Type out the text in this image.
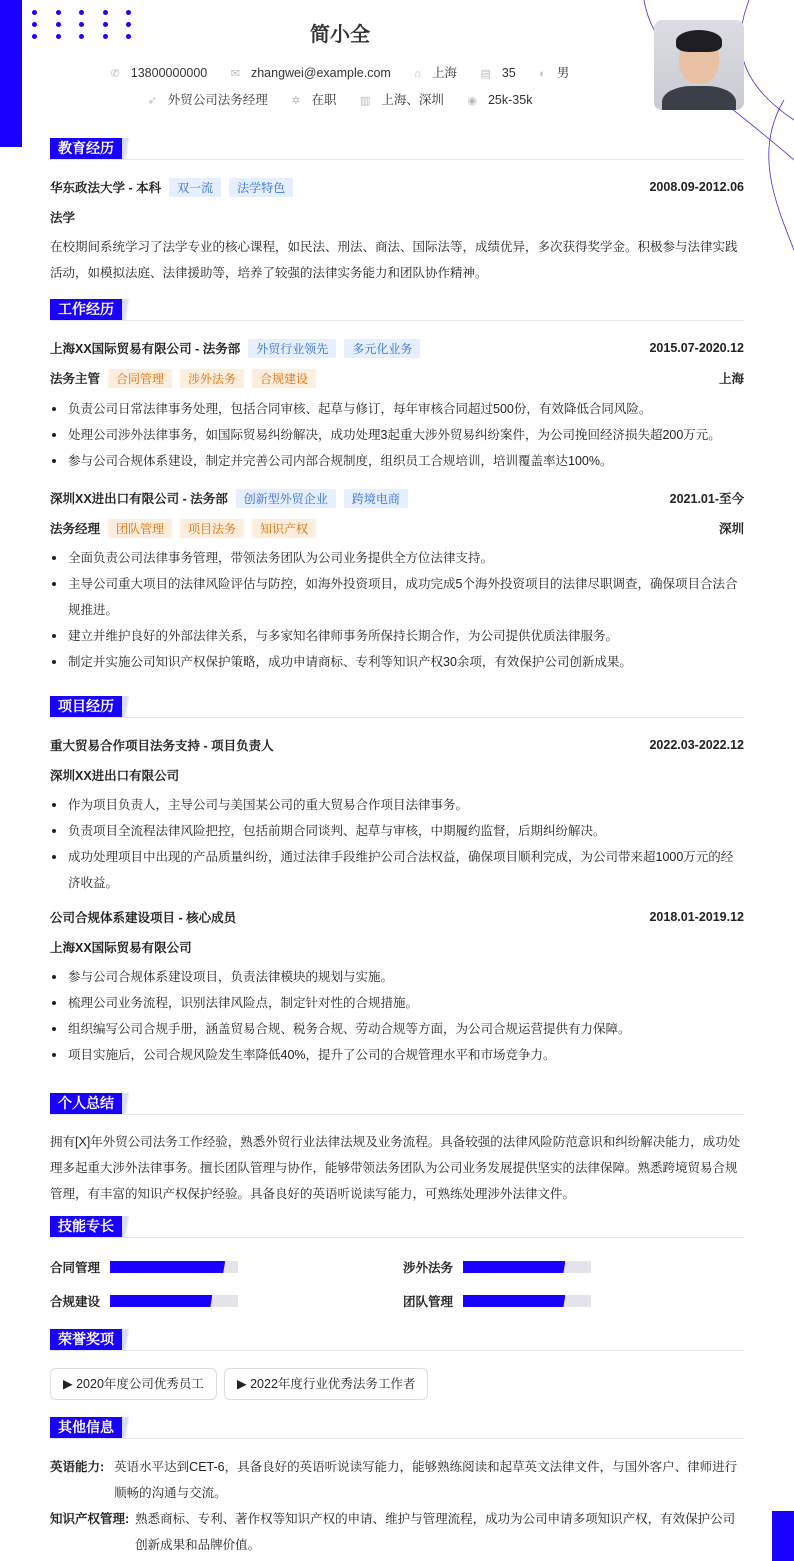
简小全
✆ 13800000000 ✉ zhangwei@example.com ⌂ 上海 ▤ 35 ◐ 男
➶ 外贸公司法务经理 ✲ 在职 ▥ 上海、深圳 ◉ 25k-35k
教育经历
华东政法大学 - 本科	双一流	法学特色	2008.09-2012.06
法学
在校期间系统学习了法学专业的核心课程，如民法、刑法、商法、国际法等，成绩优异，多次获得奖学金。积极参与法律实践活动，如模拟法庭、法律援助等，培养了较强的法律实务能力和团队协作精神。
工作经历
上海XX国际贸易有限公司 - 法务部	外贸行业领先	多元化业务	2015.07-2020.12
法务主管	合同管理	涉外法务	合规建设	上海
负责公司日常法律事务处理，包括合同审核、起草与修订，每年审核合同超过500份，有效降低合同风险。
处理公司涉外法律事务，如国际贸易纠纷解决，成功处理3起重大涉外贸易纠纷案件，为公司挽回经济损失超200万元。
参与公司合规体系建设，制定并完善公司内部合规制度，组织员工合规培训，培训覆盖率达100%。
深圳XX进出口有限公司 - 法务部	创新型外贸企业	跨境电商	2021.01-至今
法务经理	团队管理	项目法务	知识产权	深圳
全面负责公司法律事务管理，带领法务团队为公司业务提供全方位法律支持。
主导公司重大项目的法律风险评估与防控，如海外投资项目，成功完成5个海外投资项目的法律尽职调查，确保项目合法合规推进。
建立并维护良好的外部法律关系，与多家知名律师事务所保持长期合作，为公司提供优质法律服务。
制定并实施公司知识产权保护策略，成功申请商标、专利等知识产权30余项，有效保护公司创新成果。
项目经历
重大贸易合作项目法务支持 - 项目负责人	2022.03-2022.12
深圳XX进出口有限公司
作为项目负责人，主导公司与美国某公司的重大贸易合作项目法律事务。
负责项目全流程法律风险把控，包括前期合同谈判、起草与审核，中期履约监督，后期纠纷解决。
成功处理项目中出现的产品质量纠纷，通过法律手段维护公司合法权益，确保项目顺利完成，为公司带来超1000万元的经济收益。
公司合规体系建设项目 - 核心成员	2018.01-2019.12
上海XX国际贸易有限公司
参与公司合规体系建设项目，负责法律模块的规划与实施。
梳理公司业务流程，识别法律风险点，制定针对性的合规措施。
组织编写公司合规手册，涵盖贸易合规、税务合规、劳动合规等方面，为公司合规运营提供有力保障。
项目实施后，公司合规风险发生率降低40%，提升了公司的合规管理水平和市场竞争力。
个人总结
拥有[X]年外贸公司法务工作经验，熟悉外贸行业法律法规及业务流程。具备较强的法律风险防范意识和纠纷解决能力，成功处理多起重大涉外法律事务。擅长团队管理与协作，能够带领法务团队为公司业务发展提供坚实的法律保障。熟悉跨境贸易合规管理，有丰富的知识产权保护经验。具备良好的英语听说读写能力，可熟练处理涉外法律文件。
技能专长
合同管理	涉外法务
合规建设	团队管理
荣誉奖项
▶ 2020年度公司优秀员工	▶ 2022年度行业优秀法务工作者
其他信息
英语能力: 英语水平达到CET-6，具备良好的英语听说读写能力，能够熟练阅读和起草英文法律文件，与国外客户、律师进行顺畅的沟通与交流。
知识产权管理: 熟悉商标、专利、著作权等知识产权的申请、维护与管理流程，成功为公司申请多项知识产权，有效保护公司创新成果和品牌价值。
